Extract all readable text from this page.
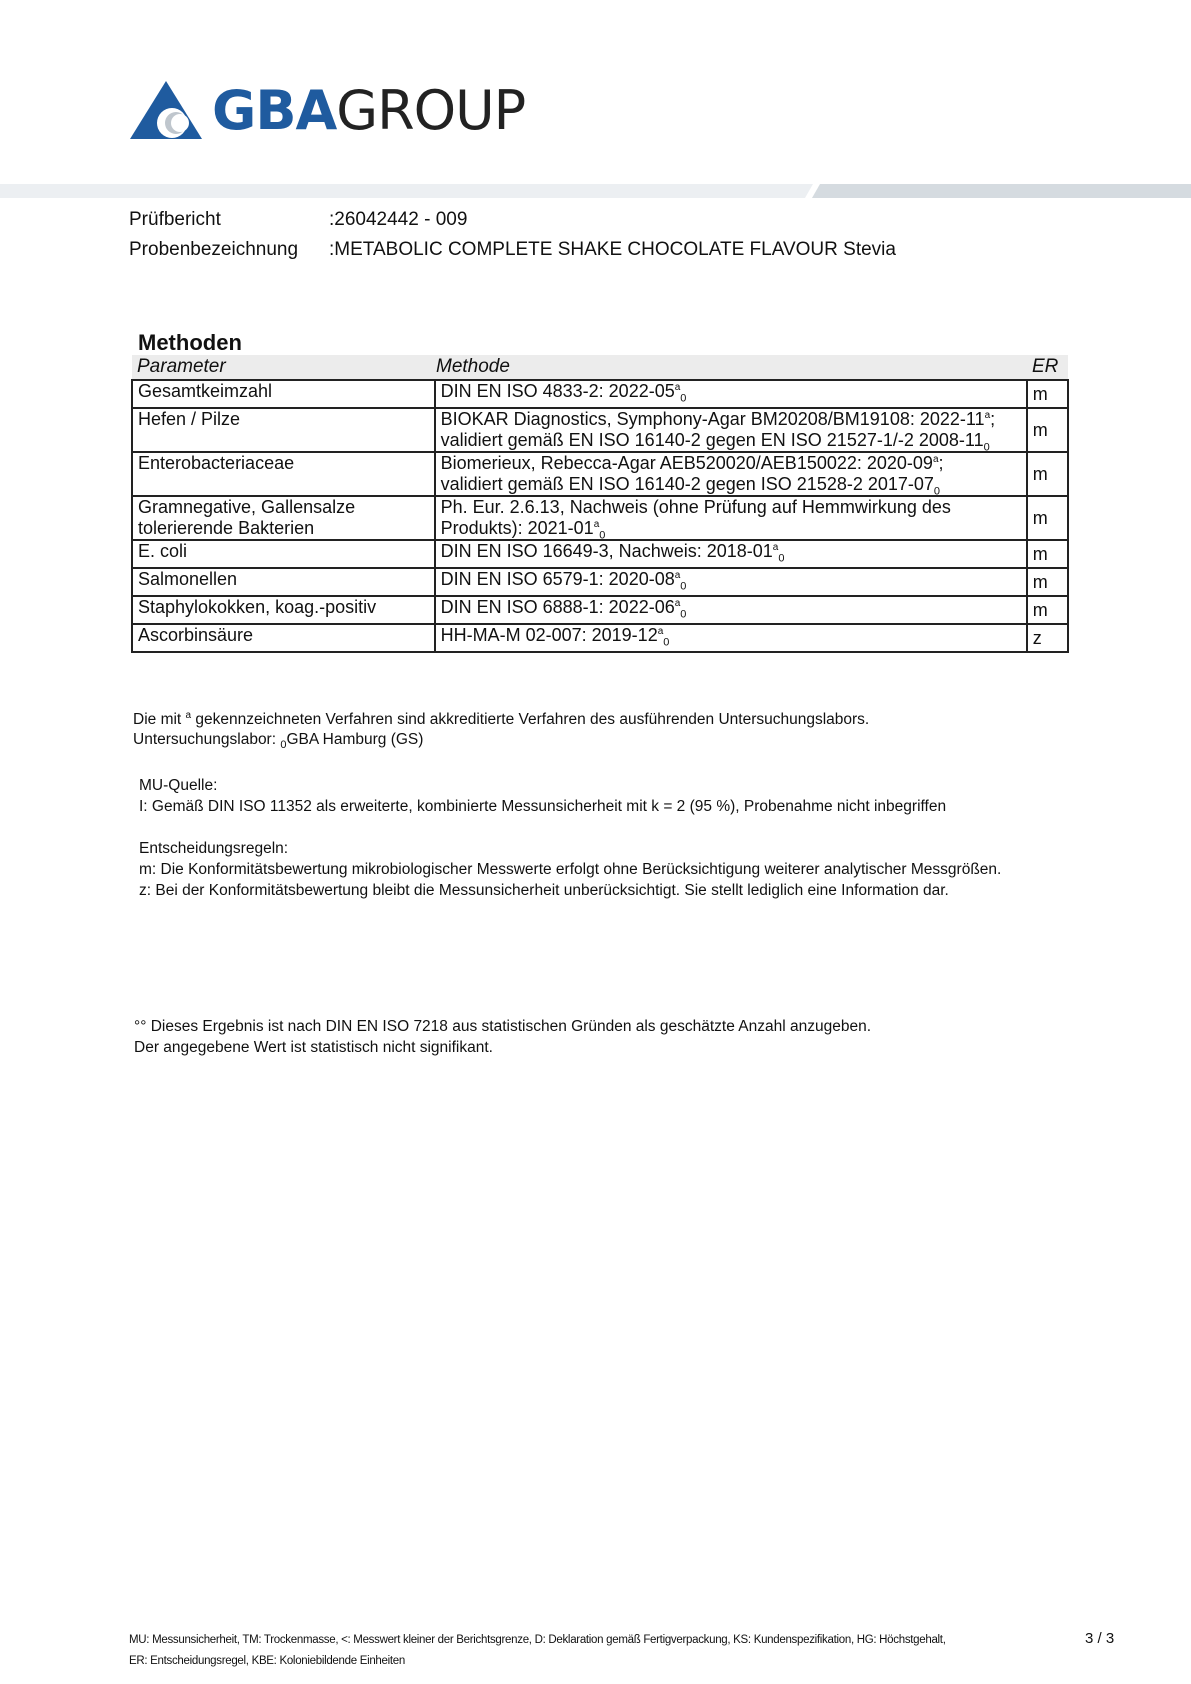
GBA GROUP
Prüfbericht	:26042442 - 009
Probenbezeichnung :METABOLIC COMPLETE SHAKE CHOCOLATE FLAVOUR Stevia
Methoden
Parameter	Methode	ER
Gesamtkeimzahl	DIN EN ISO 4833-2: $2022-05^a_0$	m
Hefen / Pilze	BIOKAR Diagnostics, Symphony-Agar BM20208/BM19108: 2022-11$^a$;
validiert gemäß EN ISO 16140-2 gegen EN ISO 21527-1/-2 $2008-11_0$	m
Enterobacteriaceae	Biomerieux, Rebecca-Agar AEB520020/AEB150022: 2020-09$^a$;
validiert gemäß EN ISO 16140-2 gegen ISO 21528-2 $2017-07_0$	m
Gramnegative, Gallensalze tolerierende Bakterien	Ph. Eur. 2.6.13, Nachweis (ohne Prüfung auf Hemmwirkung des
Produkts): $2021-01^a_0$	m
E. coli	DIN EN ISO 16649-3, Nachweis: $2018-01^a_0$	m
Salmonellen	DIN EN ISO 6579-1: $2020-08^a_0$	m
Staphylokokken, koag.-positiv	DIN EN ISO 6888-1: $2022-06^a_0$	m
Ascorbinsäure	HH-MA-M 02-007: $2019-12^a_0$	z
Die mit $^a$ gekennzeichneten Verfahren sind akkreditierte Verfahren des ausführenden Untersuchungslabors.
Untersuchungslabor: $_0$GBA Hamburg (GS)
MU-Quelle:
I: Gemäß DIN ISO 11352 als erweiterte, kombinierte Messunsicherheit mit k = 2 (95 %), Probenahme nicht inbegriffen
Entscheidungsregeln:
m: Die Konformitätsbewertung mikrobiologischer Messwerte erfolgt ohne Berücksichtigung weiterer analytischer Messgrößen.
z: Bei der Konformitätsbewertung bleibt die Messunsicherheit unberücksichtigt. Sie stellt lediglich eine Information dar.
°° Dieses Ergebnis ist nach DIN EN ISO 7218 aus statistischen Gründen als geschätzte Anzahl anzugeben.
Der angegebene Wert ist statistisch nicht signifikant.
MU: Messunsicherheit, TM: Trockenmasse, <: Messwert kleiner der Berichtsgrenze, D: Deklaration gemäß Fertigverpackung, KS: Kundenspezifikation, HG: Höchstgehalt,
ER: Entscheidungsregel, KBE: Koloniebildende Einheiten
3 / 3
